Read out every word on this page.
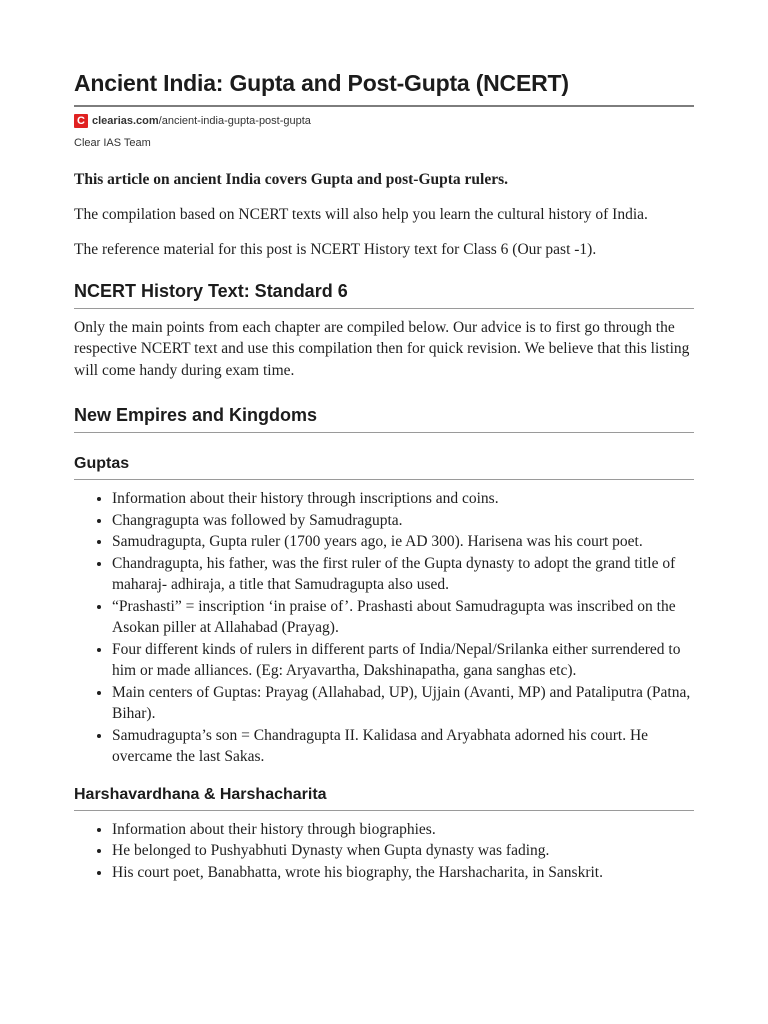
Ancient India: Gupta and Post-Gupta (NCERT)
C clearias.com /ancient-india-gupta-post-gupta
Clear IAS Team

This article on ancient India covers Gupta and post-Gupta rulers.

The compilation based on NCERT texts will also help you learn the cultural history of India.

The reference material for this post is NCERT History text for Class 6 (Our past -1).

NCERT History Text: Standard 6

Only the main points from each chapter are compiled below. Our advice is to first go through the respective NCERT text and use this compilation then for quick revision. We believe that this listing will come handy during exam time.

New Empires and Kingdoms
Guptas
• Information about their history through inscriptions and coins.
• Changragupta was followed by Samudragupta.
• Samudragupta, Gupta ruler (1700 years ago, ie AD 300). Harisena was his court poet.
• Chandragupta, his father, was the first ruler of the Gupta dynasty to adopt the grand title of maharaj- adhiraja, a title that Samudragupta also used.
• “Prashasti” = inscription ‘in praise of’. Prashasti about Samudragupta was inscribed on the Asokan piller at Allahabad (Prayag).
• Four different kinds of rulers in different parts of India/Nepal/Srilanka either surrendered to him or made alliances. (Eg: Aryavartha, Dakshinapatha, gana sanghas etc).
• Main centers of Guptas: Prayag (Allahabad, UP), Ujjain (Avanti, MP) and Pataliputra (Patna, Bihar).
• Samudragupta’s son = Chandragupta II. Kalidasa and Aryabhata adorned his court. He overcame the last Sakas.
Harshavardhana & Harshacharita
• Information about their history through biographies.
• He belonged to Pushyabhuti Dynasty when Gupta dynasty was fading.
• His court poet, Banabhatta, wrote his biography, the Harshacharita, in Sanskrit.
